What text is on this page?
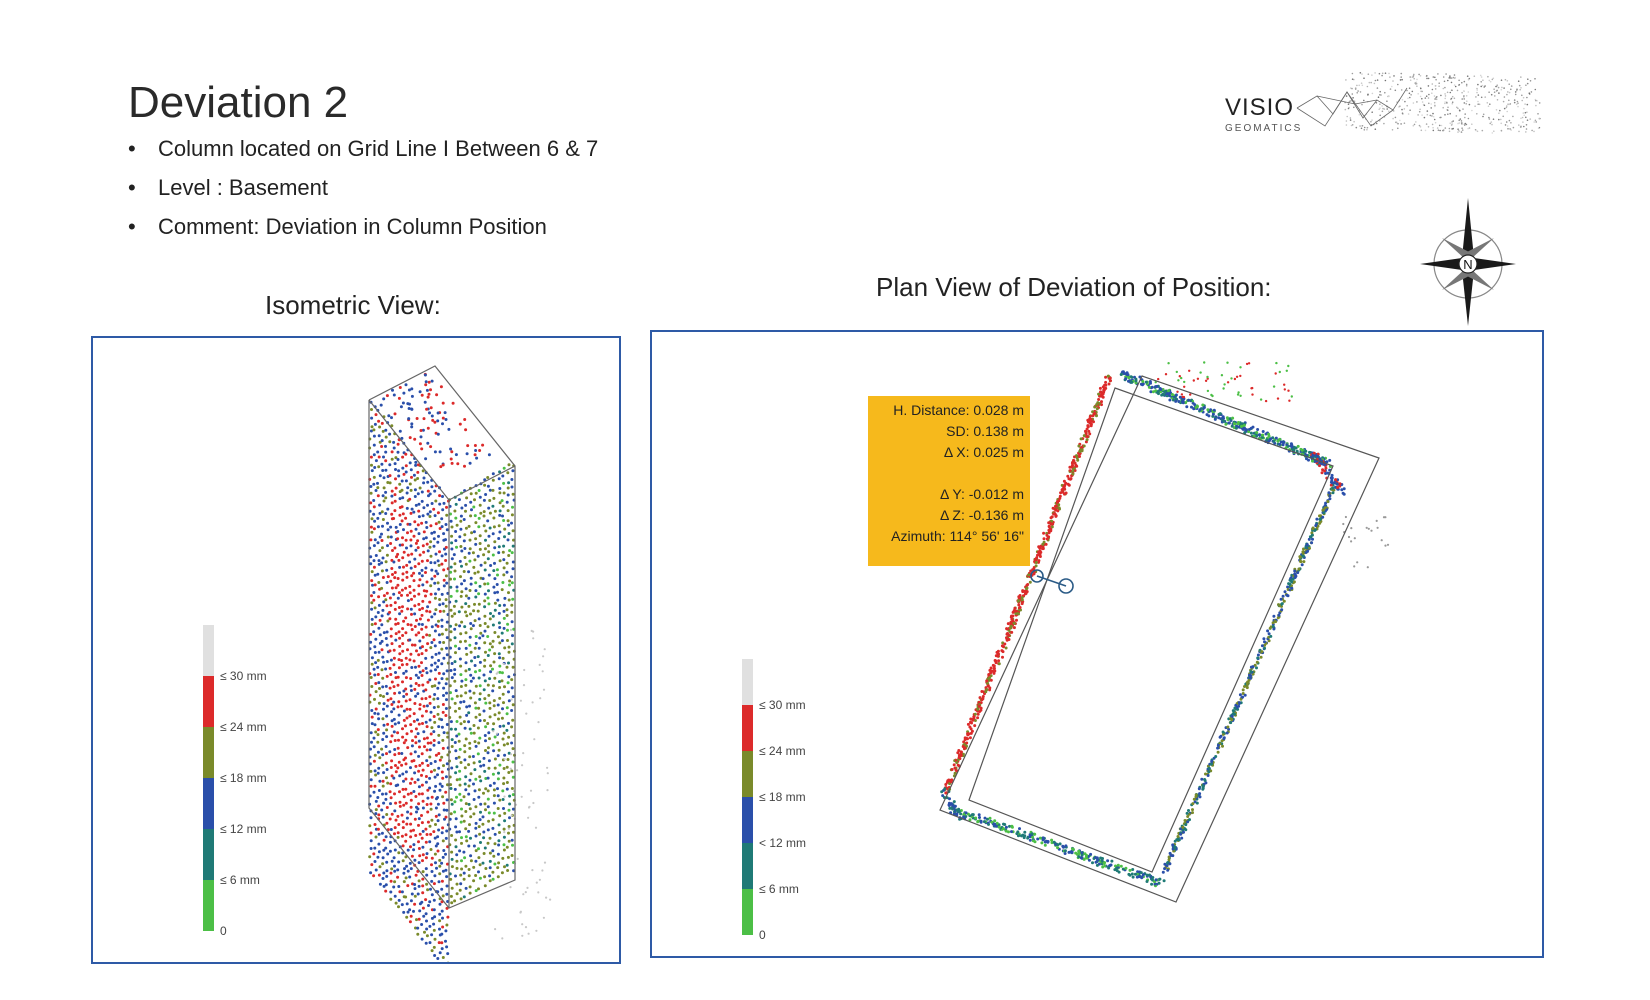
Deviation 2
• Column located on Grid Line I Between 6 & 7
• Level : Basement
• Comment: Deviation in Column Position
VISIO
GEOMATICS
N
Isometric View:
Plan View of Deviation of Position:
≤ 30 mm
≤ 24 mm
≤ 18 mm
≤ 12 mm
≤ 6 mm
0
≤ 30 mm
≤ 24 mm
≤ 18 mm
< 12 mm
≤ 6 mm
0
H. Distance: 0.028 m
SD: 0.138 m
Δ X: 0.025 m
Δ Y: -0.012 m
Δ Z: -0.136 m
Azimuth: 114° 56' 16"
